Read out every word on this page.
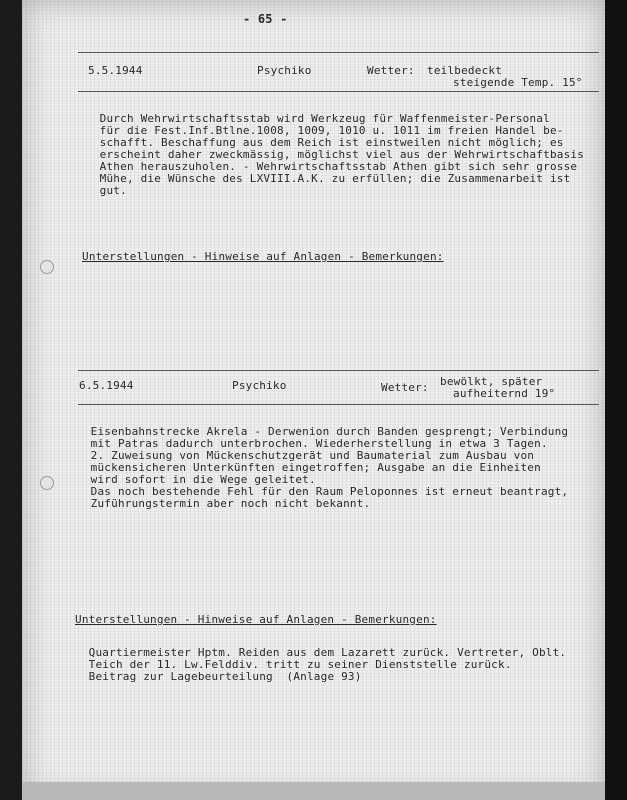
- 65 -
5.5.1944	Psychiko	Wetter: teilbedeckt
steigende Temp. 15°

Durch Wehrwirtschaftsstab wird Werkzeug für Waffenmeister-Personal
für die Fest.Inf.Btlne.1008, 1009, 1010 u. 1011 im freien Handel be-
schafft. Beschaffung aus dem Reich ist einstweilen nicht möglich; es
erscheint daher zweckmässig, möglichst viel aus der Wehrwirtschaftbasis
Athen herauszuholen. - Wehrwirtschaftsstab Athen gibt sich sehr grosse
Mühe, die Wünsche des LXVIII.A.K. zu erfüllen; die Zusammenarbeit ist
gut.

Unterstellungen - Hinweise auf Anlagen - Bemerkungen:
6.5.1944	Psychiko	Wetter: bewölkt, später
aufheiternd 19°

Eisenbahnstrecke Akrela - Derwenion durch Banden gesprengt; Verbindung
mit Patras dadurch unterbrochen. Wiederherstellung in etwa 3 Tagen.
2. Zuweisung von Mückenschutzgerät und Baumaterial zum Ausbau von
mückensicheren Unterkünften eingetroffen; Ausgabe an die Einheiten
wird sofort in die Wege geleitet.
Das noch bestehende Fehl für den Raum Peloponnes ist erneut beantragt,
Zuführungstermin aber noch nicht bekannt.

Unterstellungen - Hinweise auf Anlagen - Bemerkungen:

Quartiermeister Hptm. Reiden aus dem Lazarett zurück. Vertreter, Oblt.
Teich der 11. Lw.Felddiv. tritt zu seiner Dienststelle zurück.
Beitrag zur Lagebeurteilung  (Anlage 93)
